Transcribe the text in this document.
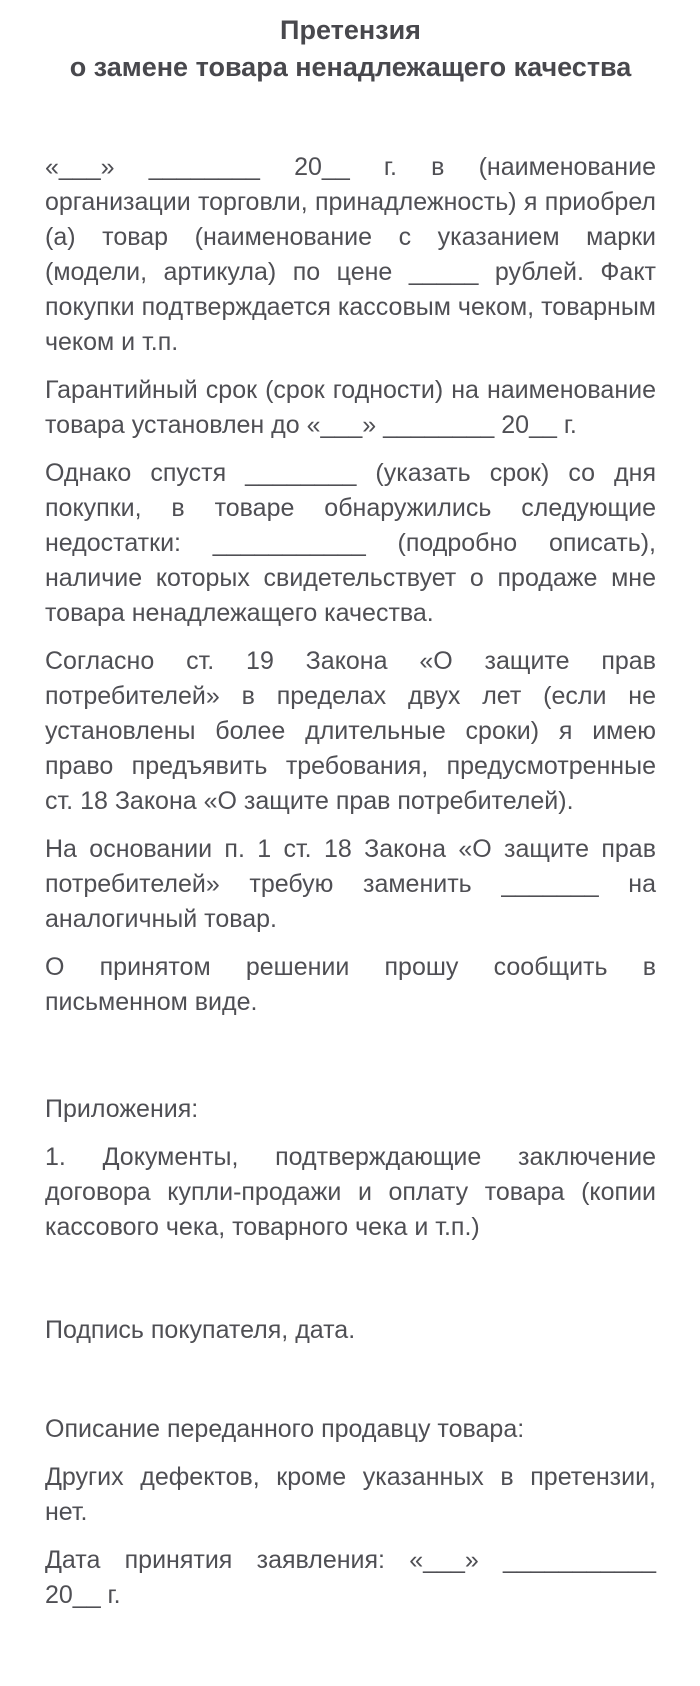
Претензия
о замене товара ненадлежащего качества

«___» ________ 20__ г. в (наименование организации торговли, принадлежность) я приобрел (а) товар (наименование с указанием марки (модели, артикула) по цене _____ рублей. Факт покупки подтверждается кассовым чеком, товарным чеком и т.п.

Гарантийный срок (срок годности) на наименование товара установлен до «___» ________ 20__ г.

Однако спустя ________ (указать срок) со дня покупки, в товаре обнаружились следующие недостатки: ___________ (подробно описать), наличие которых свидетельствует о продаже мне товара ненадлежащего качества.

Согласно ст. 19 Закона «О защите прав потребителей» в пределах двух лет (если не установлены более длительные сроки) я имею право предъявить требования, предусмотренные ст. 18 Закона «О защите прав потребителей).

На основании п. 1 ст. 18 Закона «О защите прав потребителей» требую заменить _______ на аналогичный товар.

О принятом решении прошу сообщить в письменном виде.

Приложения:

1. Документы, подтверждающие заключение договора купли-продажи и оплату товара (копии кассового чека, товарного чека и т.п.)

Подпись покупателя, дата.

Описание переданного продавцу товара:

Других дефектов, кроме указанных в претензии, нет.

Дата принятия заявления: «___» ___________

20__ г.
